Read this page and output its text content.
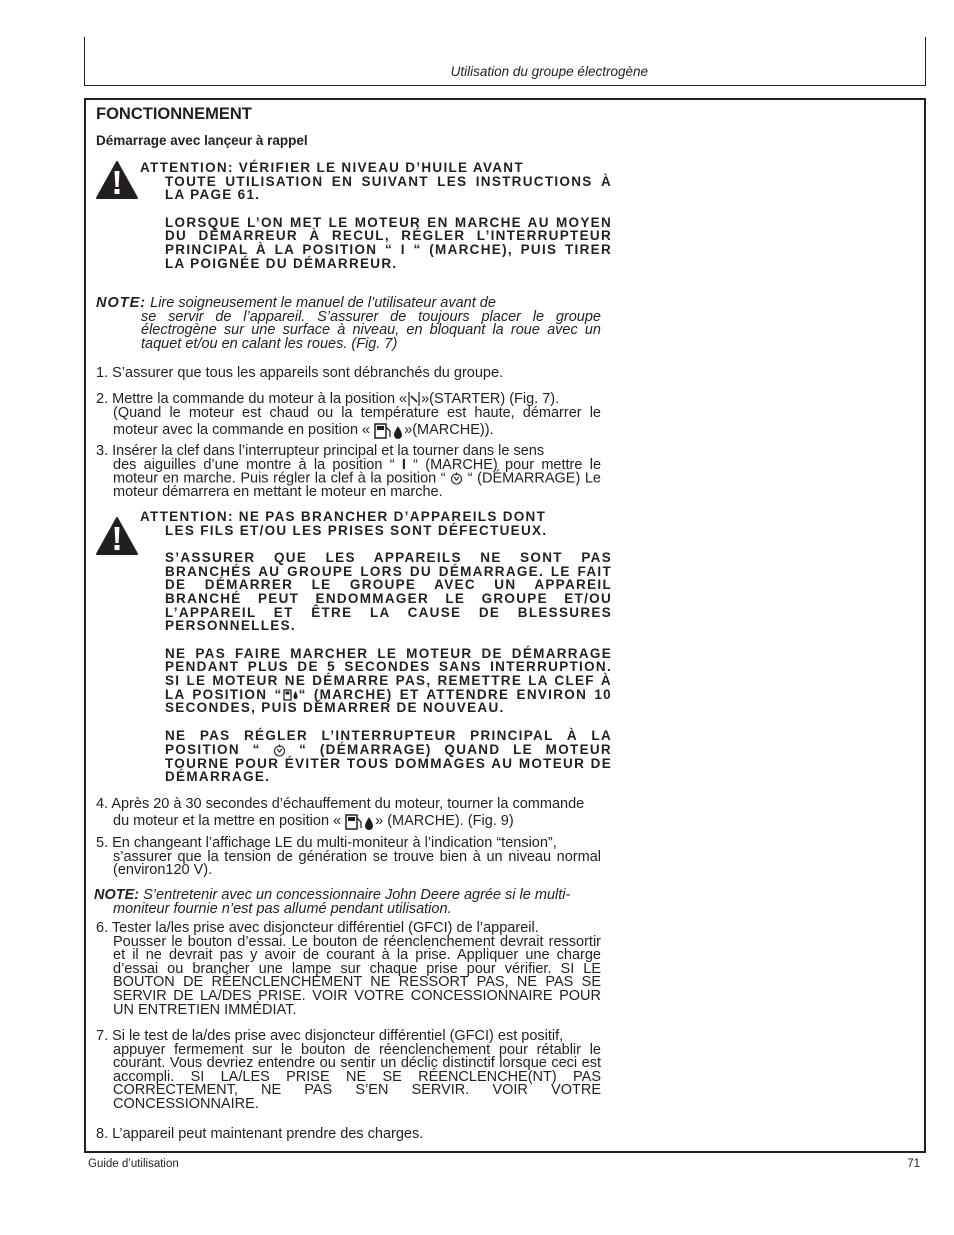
Utilisation du groupe électrogène
FONCTIONNEMENT
Démarrage avec lançeur à rappel

ATTENTION: VÉRIFIER LE NIVEAU D’HUILE AVANT

TOUTE UTILISATION EN SUIVANT LES INSTRUCTIONS À LA PAGE 61.

LORSQUE L’ON MET LE MOTEUR EN MARCHE AU MOYEN DU DÉMARREUR À RECUL, RÉGLER L’INTERRUPTEUR PRINCIPAL À LA POSITION “ I “ (MARCHE), PUIS TIRER LA POIGNÉE DU DÉMARREUR.

NOTE: Lire soigneusement le manuel de l’utilisateur avant de
se servir de l’appareil. S’assurer de toujours placer le groupe électrogène sur une surface à niveau, en bloquant la roue avec un taquet et/ou en calant les roues. (Fig. 7)
1. S’assurer que tous les appareils sont débranchés du groupe.
2. Mettre la commande du moteur à la position « »(STARTER) (Fig. 7).
(Quand le moteur est chaud ou la température est haute, démarrer le moteur avec la commande en position « »(MARCHE)).
3. Insérer la clef dans l’interrupteur principal et la tourner dans le sens
des aiguilles d’une montre à la position “ I “ (MARCHE) pour mettre le moteur en marche. Puis régler la clef à la position “ “ (DÉMARRAGE) Le moteur démarrera en mettant le moteur en marche.

ATTENTION: NE PAS BRANCHER D’APPAREILS DONT

LES FILS ET/OU LES PRISES SONT DÉFECTUEUX.

S’ASSURER QUE LES APPAREILS NE SONT PAS BRANCHÉS AU GROUPE LORS DU DÉMARRAGE. LE FAIT DE DÉMARRER LE GROUPE AVEC UN APPAREIL BRANCHÉ PEUT ENDOMMAGER LE GROUPE ET/OU L’APPAREIL ET ÊTRE LA CAUSE DE BLESSURES PERSONNELLES.

NE PAS FAIRE MARCHER LE MOTEUR DE DÉMARRAGE PENDANT PLUS DE 5 SECONDES SANS INTERRUPTION. SI LE MOTEUR NE DÉMARRE PAS, REMETTRE LA CLEF À LA POSITION “ “ (MARCHE) ET ATTENDRE ENVIRON 10 SECONDES, PUIS DÉMARRER DE NOUVEAU.

NE PAS RÉGLER L’INTERRUPTEUR PRINCIPAL À LA POSITION “	“ (DÉMARRAGE) QUAND LE MOTEUR TOURNE POUR ÉVITER TOUS DOMMAGES AU MOTEUR DE DÉMARRAGE.

4. Après 20 à 30 secondes d’échauffement du moteur, tourner la commande
du moteur et la mettre en position « » (MARCHE). (Fig. 9)
5. En changeant l’affichage LE du multi-moniteur à l’indication “tension”,
s’assurer que la tension de génération se trouve bien à un niveau normal (environ120 V).
NOTE: S’entretenir avec un concessionnaire John Deere agrée si le multi-
moniteur fournie n’est pas allumé pendant utilisation.
6. Tester la/les prise avec disjoncteur différentiel (GFCI) de l’appareil.
Pousser le bouton d’essai. Le bouton de réenclenchement devrait ressortir et il ne devrait pas y avoir de courant à la prise. Appliquer une charge d’essai ou brancher une lampe sur chaque prise pour vérifier. SI LE BOUTON DE RÉENCLENCHEMENT NE RESSORT PAS, NE PAS SE SERVIR DE LA/DES PRISE. VOIR VOTRE CONCESSIONNAIRE POUR UN ENTRETIEN IMMÉDIAT.
7. Si le test de la/des prise avec disjoncteur différentiel (GFCI) est positif,
appuyer fermement sur le bouton de réenclenchement pour rétablir le courant. Vous devriez entendre ou sentir un déclic distinctif lorsque ceci est accompli. SI LA/LES PRISE NE SE RÉENCLENCHE(NT) PAS CORRECTEMENT, NE PAS S’EN SERVIR. VOIR VOTRE CONCESSIONNAIRE.
8. L’appareil peut maintenant prendre des charges.
Guide d’utilisation	71
